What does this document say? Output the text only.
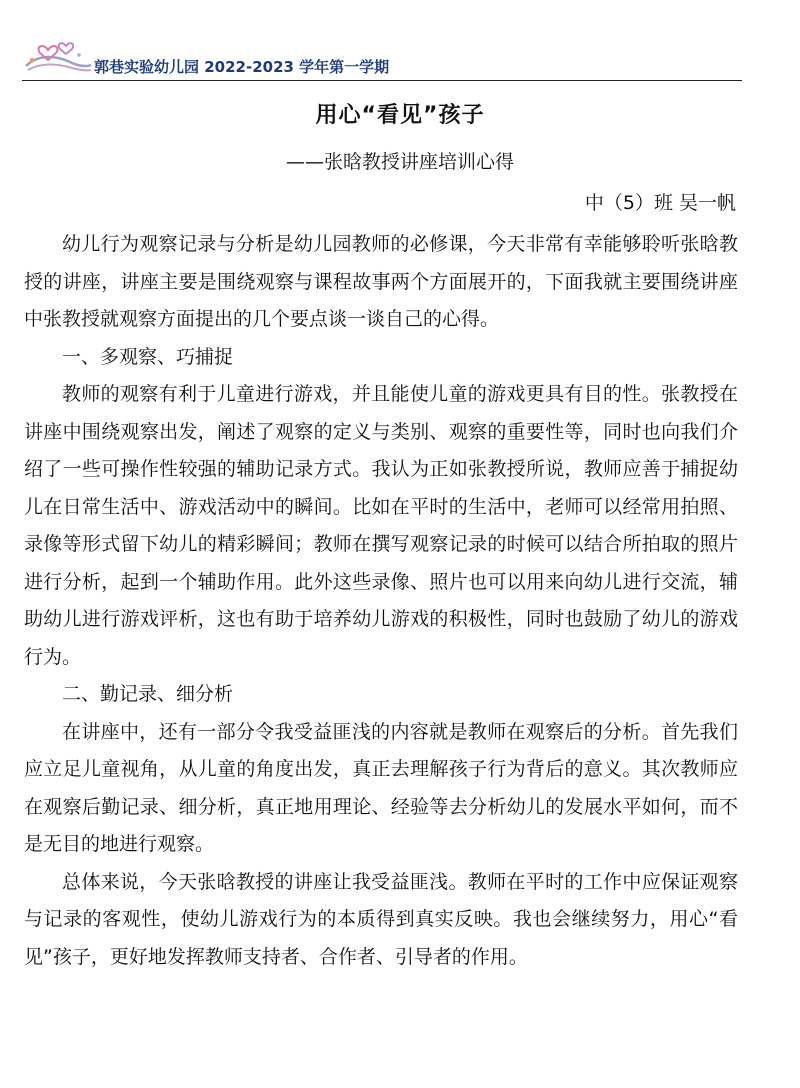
郭巷实验幼儿园 2022-2023 学年第一学期
用心“看见”孩子
——张晗教授讲座培训心得
中（5）班 吴一帆

幼儿行为观察记录与分析是幼儿园教师的必修课，今天非常有幸能够聆听张晗教授的讲座，讲座主要是围绕观察与课程故事两个方面展开的，下面我就主要围绕讲座中张教授就观察方面提出的几个要点谈一谈自己的心得。

一、多观察、巧捕捉

教师的观察有利于儿童进行游戏，并且能使儿童的游戏更具有目的性。张教授在讲座中围绕观察出发，阐述了观察的定义与类别、观察的重要性等，同时也向我们介绍了一些可操作性较强的辅助记录方式。我认为正如张教授所说，教师应善于捕捉幼儿在日常生活中、游戏活动中的瞬间。比如在平时的生活中，老师可以经常用拍照、录像等形式留下幼儿的精彩瞬间；教师在撰写观察记录的时候可以结合所拍取的照片进行分析，起到一个辅助作用。此外这些录像、照片也可以用来向幼儿进行交流，辅助幼儿进行游戏评析，这也有助于培养幼儿游戏的积极性，同时也鼓励了幼儿的游戏行为。

二、勤记录、细分析

在讲座中，还有一部分令我受益匪浅的内容就是教师在观察后的分析。首先我们应立足儿童视角，从儿童的角度出发，真正去理解孩子行为背后的意义。其次教师应在观察后勤记录、细分析，真正地用理论、经验等去分析幼儿的发展水平如何，而不是无目的地进行观察。

总体来说，今天张晗教授的讲座让我受益匪浅。教师在平时的工作中应保证观察与记录的客观性，使幼儿游戏行为的本质得到真实反映。我也会继续努力，用心“看见”孩子，更好地发挥教师支持者、合作者、引导者的作用。
